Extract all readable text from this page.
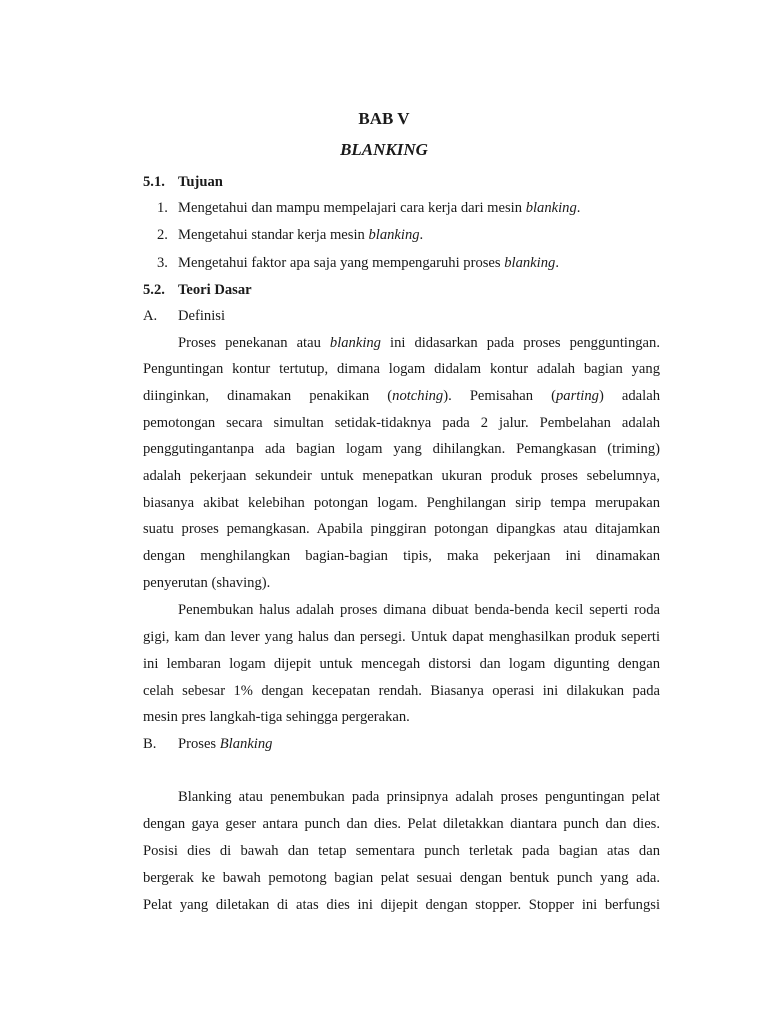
BAB V
BLANKING
5.1. Tujuan
1. Mengetahui dan mampu mempelajari cara kerja dari mesin blanking.
2. Mengetahui standar kerja mesin blanking.
3. Mengetahui faktor apa saja yang mempengaruhi proses blanking.
5.2. Teori Dasar
A. Definisi
Proses penekanan atau blanking ini didasarkan pada proses pengguntingan.
Penguntingan kontur tertutup, dimana logam didalam kontur adalah bagian yang
diinginkan, dinamakan penakikan (notching). Pemisahan (parting) adalah
pemotongan secara simultan setidak-tidaknya pada 2 jalur. Pembelahan adalah
penggutingantanpa ada bagian logam yang dihilangkan. Pemangkasan (triming)
adalah pekerjaan sekundeir untuk menepatkan ukuran produk proses sebelumnya,
biasanya akibat kelebihan potongan logam. Penghilangan sirip tempa merupakan
suatu proses pemangkasan. Apabila pinggiran potongan dipangkas atau ditajamkan
dengan menghilangkan bagian-bagian tipis, maka pekerjaan ini dinamakan
penyerutan (shaving).
Penembukan halus adalah proses dimana dibuat benda-benda kecil seperti roda
gigi, kam dan lever yang halus dan persegi. Untuk dapat menghasilkan produk seperti
ini lembaran logam dijepit untuk mencegah distorsi dan logam digunting dengan
celah sebesar 1% dengan kecepatan rendah. Biasanya operasi ini dilakukan pada
mesin pres langkah-tiga sehingga pergerakan.
B. Proses Blanking
Blanking atau penembukan pada prinsipnya adalah proses penguntingan pelat
dengan gaya geser antara punch dan dies. Pelat diletakkan diantara punch dan dies.
Posisi dies di bawah dan tetap sementara punch terletak pada bagian atas dan
bergerak ke bawah pemotong bagian pelat sesuai dengan bentuk punch yang ada.
Pelat yang diletakan di atas dies ini dijepit dengan stopper. Stopper ini berfungsi
